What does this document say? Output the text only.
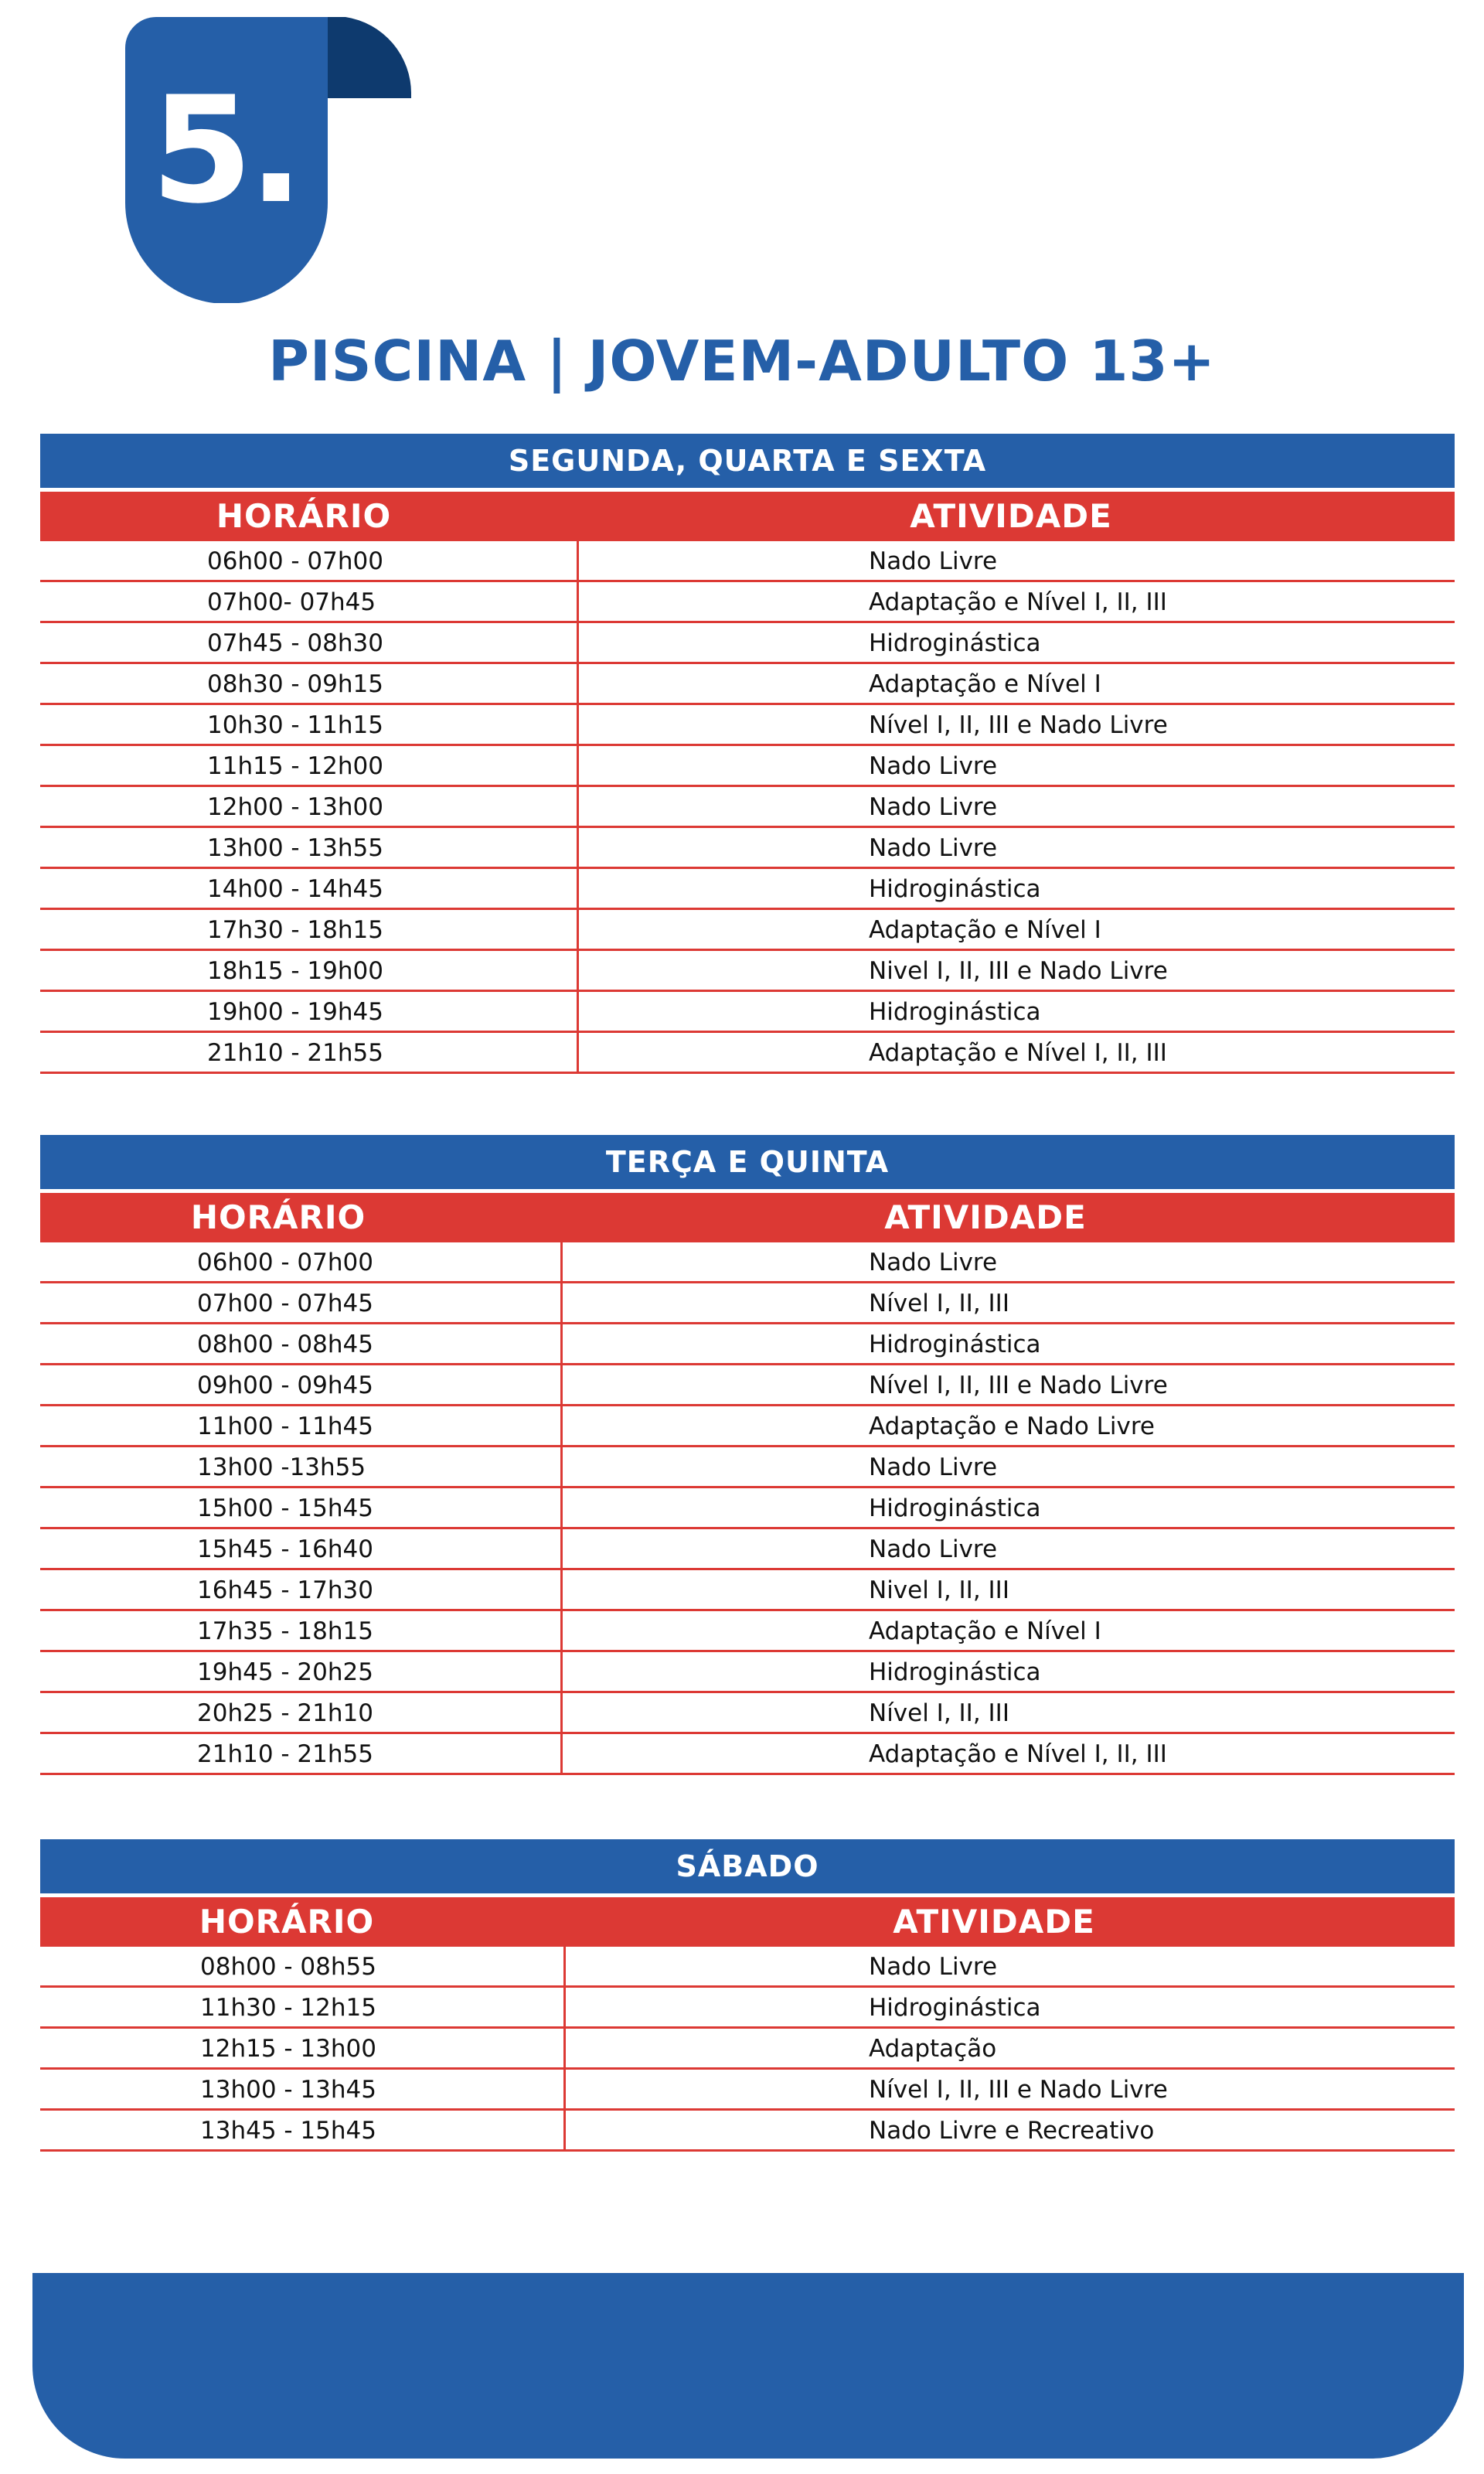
5.
PISCINA | JOVEM-ADULTO 13+
SEGUNDA, QUARTA E SEXTA
HORÁRIO	ATIVIDADE
06h00 - 07h00	Nado Livre
07h00- 07h45	Adaptação e Nível I, II, III
07h45 - 08h30	Hidroginástica
08h30 - 09h15	Adaptação e Nível I
10h30 - 11h15	Nível I, II, III e Nado Livre
11h15 - 12h00	Nado Livre
12h00 - 13h00	Nado Livre
13h00 - 13h55	Nado Livre
14h00 - 14h45	Hidroginástica
17h30 - 18h15	Adaptação e Nível I
18h15 - 19h00	Nivel I, II, III e Nado Livre
19h00 - 19h45	Hidroginástica
21h10 - 21h55	Adaptação e Nível I, II, III
TERÇA E QUINTA
HORÁRIO	ATIVIDADE
06h00 - 07h00	Nado Livre
07h00 - 07h45	Nível I, II, III
08h00 - 08h45	Hidroginástica
09h00 - 09h45	Nível I, II, III e Nado Livre
11h00 - 11h45	Adaptação e Nado Livre
13h00 -13h55	Nado Livre
15h00 - 15h45	Hidroginástica
15h45 - 16h40	Nado Livre
16h45 - 17h30	Nivel I, II, III
17h35 - 18h15	Adaptação e Nível I
19h45 - 20h25	Hidroginástica
20h25 - 21h10	Nível I, II, III
21h10 - 21h55	Adaptação e Nível I, II, III
SÁBADO
HORÁRIO	ATIVIDADE
08h00 - 08h55	Nado Livre
11h30 - 12h15	Hidroginástica
12h15 - 13h00	Adaptação
13h00 - 13h45	Nível I, II, III e Nado Livre
13h45 - 15h45	Nado Livre e Recreativo
